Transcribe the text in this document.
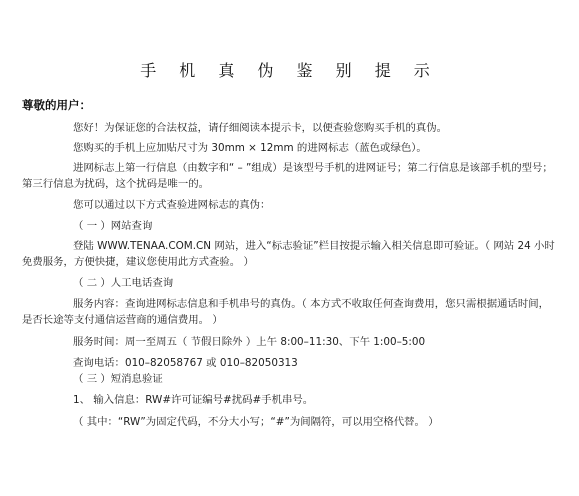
手 机 真 伪 鉴 别 提 示
尊敬的用户：
您好！为保证您的合法权益，请仔细阅读本提示卡，以便查验您购买手机的真伪。
您购买的手机上应加贴尺寸为 30mm × 12mm 的进网标志（蓝色或绿色）。
进网标志上第一行信息（由数字和“ – ”组成）是该型号手机的进网证号；第二行信息是该部手机的型号；第三行信息为扰码，这个扰码是唯一的。
您可以通过以下方式查验进网标志的真伪：
（ 一 ）网站查询
登陆 WWW.TENAA.COM.CN 网站，进入“标志验证”栏目按提示输入相关信息即可验证。（ 网站 24 小时免费服务，方便快捷，建议您使用此方式查验。 ）
（ 二 ）人工电话查询
服务内容：查询进网标志信息和手机串号的真伪。（ 本方式不收取任何查询费用，您只需根据通话时间，是否长途等支付通信运营商的通信费用。 ）
服务时间：周一至周五（ 节假日除外 ）上午 8:00–11:30、下午 1:00–5:00
查询电话：010–82058767 或 010–82050313
（ 三 ）短消息验证
1、 输入信息：RW#许可证编号#扰码#手机串号。
（ 其中：“RW”为固定代码，不分大小写；“#”为间隔符，可以用空格代替。 ）
